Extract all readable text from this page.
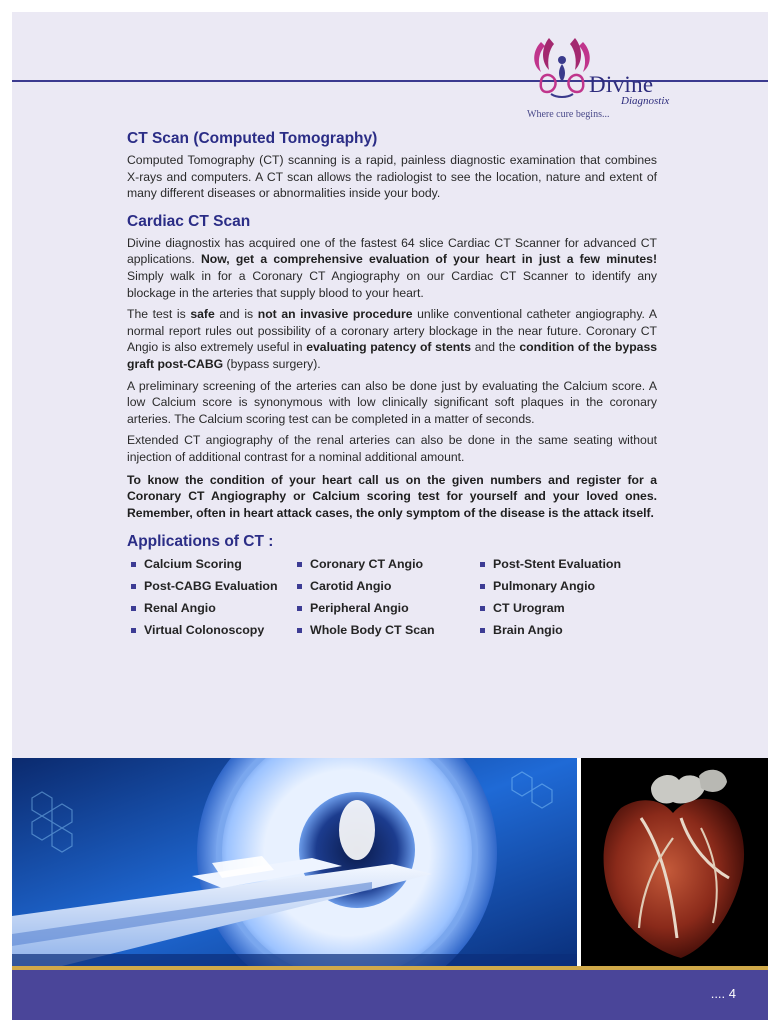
Divine
Diagnostix
Where cure begins...
CT Scan (Computed Tomography)

Computed Tomography (CT) scanning is a rapid, painless diagnostic examination that combines X-rays and computers. A CT scan allows the radiologist to see the location, nature and extent of many different diseases or abnormalities inside your body.

Cardiac CT Scan

Divine diagnostix has acquired one of the fastest 64 slice Cardiac CT Scanner for advanced CT applications. Now, get a comprehensive evaluation of your heart in just a few minutes! Simply walk in for a Coronary CT Angiography on our Cardiac CT Scanner to identify any blockage in the arteries that supply blood to your heart.

The test is safe and is not an invasive procedure unlike conventional catheter angiography. A normal report rules out possibility of a coronary artery blockage in the near future. Coronary CT Angio is also extremely useful in evaluating patency of stents and the condition of the bypass graft post-CABG (bypass surgery).

A preliminary screening of the arteries can also be done just by evaluating the Calcium score. A low Calcium score is synonymous with low clinically significant soft plaques in the coronary arteries. The Calcium scoring test can be completed in a matter of seconds.

Extended CT angiography of the renal arteries can also be done in the same seating without injection of additional contrast for a nominal additional amount.

To know the condition of your heart call us on the given numbers and register for a Coronary CT Angiography or Calcium scoring test for yourself and your loved ones. Remember, often in heart attack cases, the only symptom of the disease is the attack itself.

Applications of CT :
Calcium Scoring	Coronary CT Angio	Post-Stent Evaluation
Post-CABG Evaluation	Carotid Angio	Pulmonary Angio
Renal Angio	Peripheral Angio	CT Urogram
Virtual Colonoscopy	Whole Body CT Scan	Brain Angio
.... 4
